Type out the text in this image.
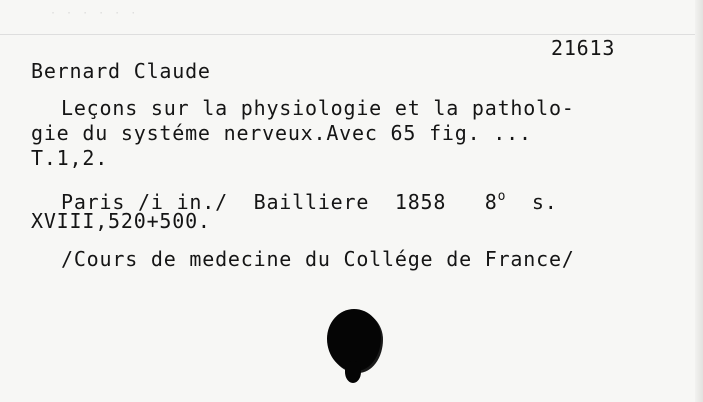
· · · · · ·
21613
Bernard Claude
Leçons sur la physiologie et la patholo-
gie du systéme nerveux.Avec 65 fig. ...
T.1,2.
Paris /i in./  Bailliere  1858   8$^o$  s.
XVIII,520+500.
/Cours de medecine du Collége de France/
